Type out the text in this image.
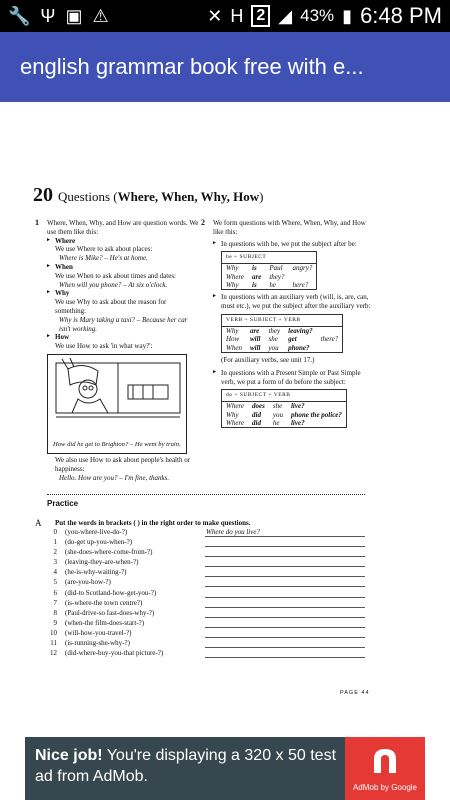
🔧 Ψ ▣ ⚠	✕ H 2 ◢ 43% ▮ 6:48 PM
english grammar book free with e...
20 Questions (Where, When, Why, How)
1 Where, When, Why, and How are question words. We use them like this:
► Where
We use Where to ask about places:
Where is Mike? – He's at home.
► When
We use When to ask about times and dates:
When will you phone? – At six o'clock.
► Why
We use Why to ask about the reason for something:
Why is Mary taking a taxi? – Because her car isn't working.
► How
We use How to ask 'in what way?':
How did he get to Brighton? – He went by train.
We also use How to ask about people's health or happiness:
Hello. How are you? – I'm fine, thanks.
2 We form questions with Where, When, Why, and How like this:
► In questions with be, we put the subject after be:
be + SUBJECT			
Why	is	Paul	angry?
Where	are	they?	
Why	is	he	here?
► In questions with an auxiliary verb (will, is, are, can, must etc.), we put the subject after the auxiliary verb:
VERB + SUBJECT + VERB				
Why	are	they	leaving?	
How	will	she	get	there?
When	will	you	phone?	
(For auxiliary verbs, see unit 17.)
► In questions with a Present Simple or Past Simple verb, we put a form of do before the subject:
do + SUBJECT + VERB			
Where	does	she	live?
Why	did	you	phone the police?
Where	did	he	live?
Practice
A Put the words in brackets ( ) in the right order to make questions.
0 (you-where-live-do-?)	Where do you live?
1 (do-get up-you-when-?)
2 (she-does-where-come-from-?)
3 (leaving-they-are-when-?)
4 (he-is-why-waiting-?)
5 (are-you-how-?)
6 (did-to Scotland-how-get-you-?)
7 (is-where-the town centre?)
8 (Paul-drive-so fast-does-why-?)
9 (when-the film-does-start-?)
10 (will-how-you-travel-?)
11 (is-running-she-why-?)
12 (did-where-buy-you-that picture-?)
PAGE 44
Nice job! You're displaying a 320 x 50 test ad from AdMob.
AdMob by Google
